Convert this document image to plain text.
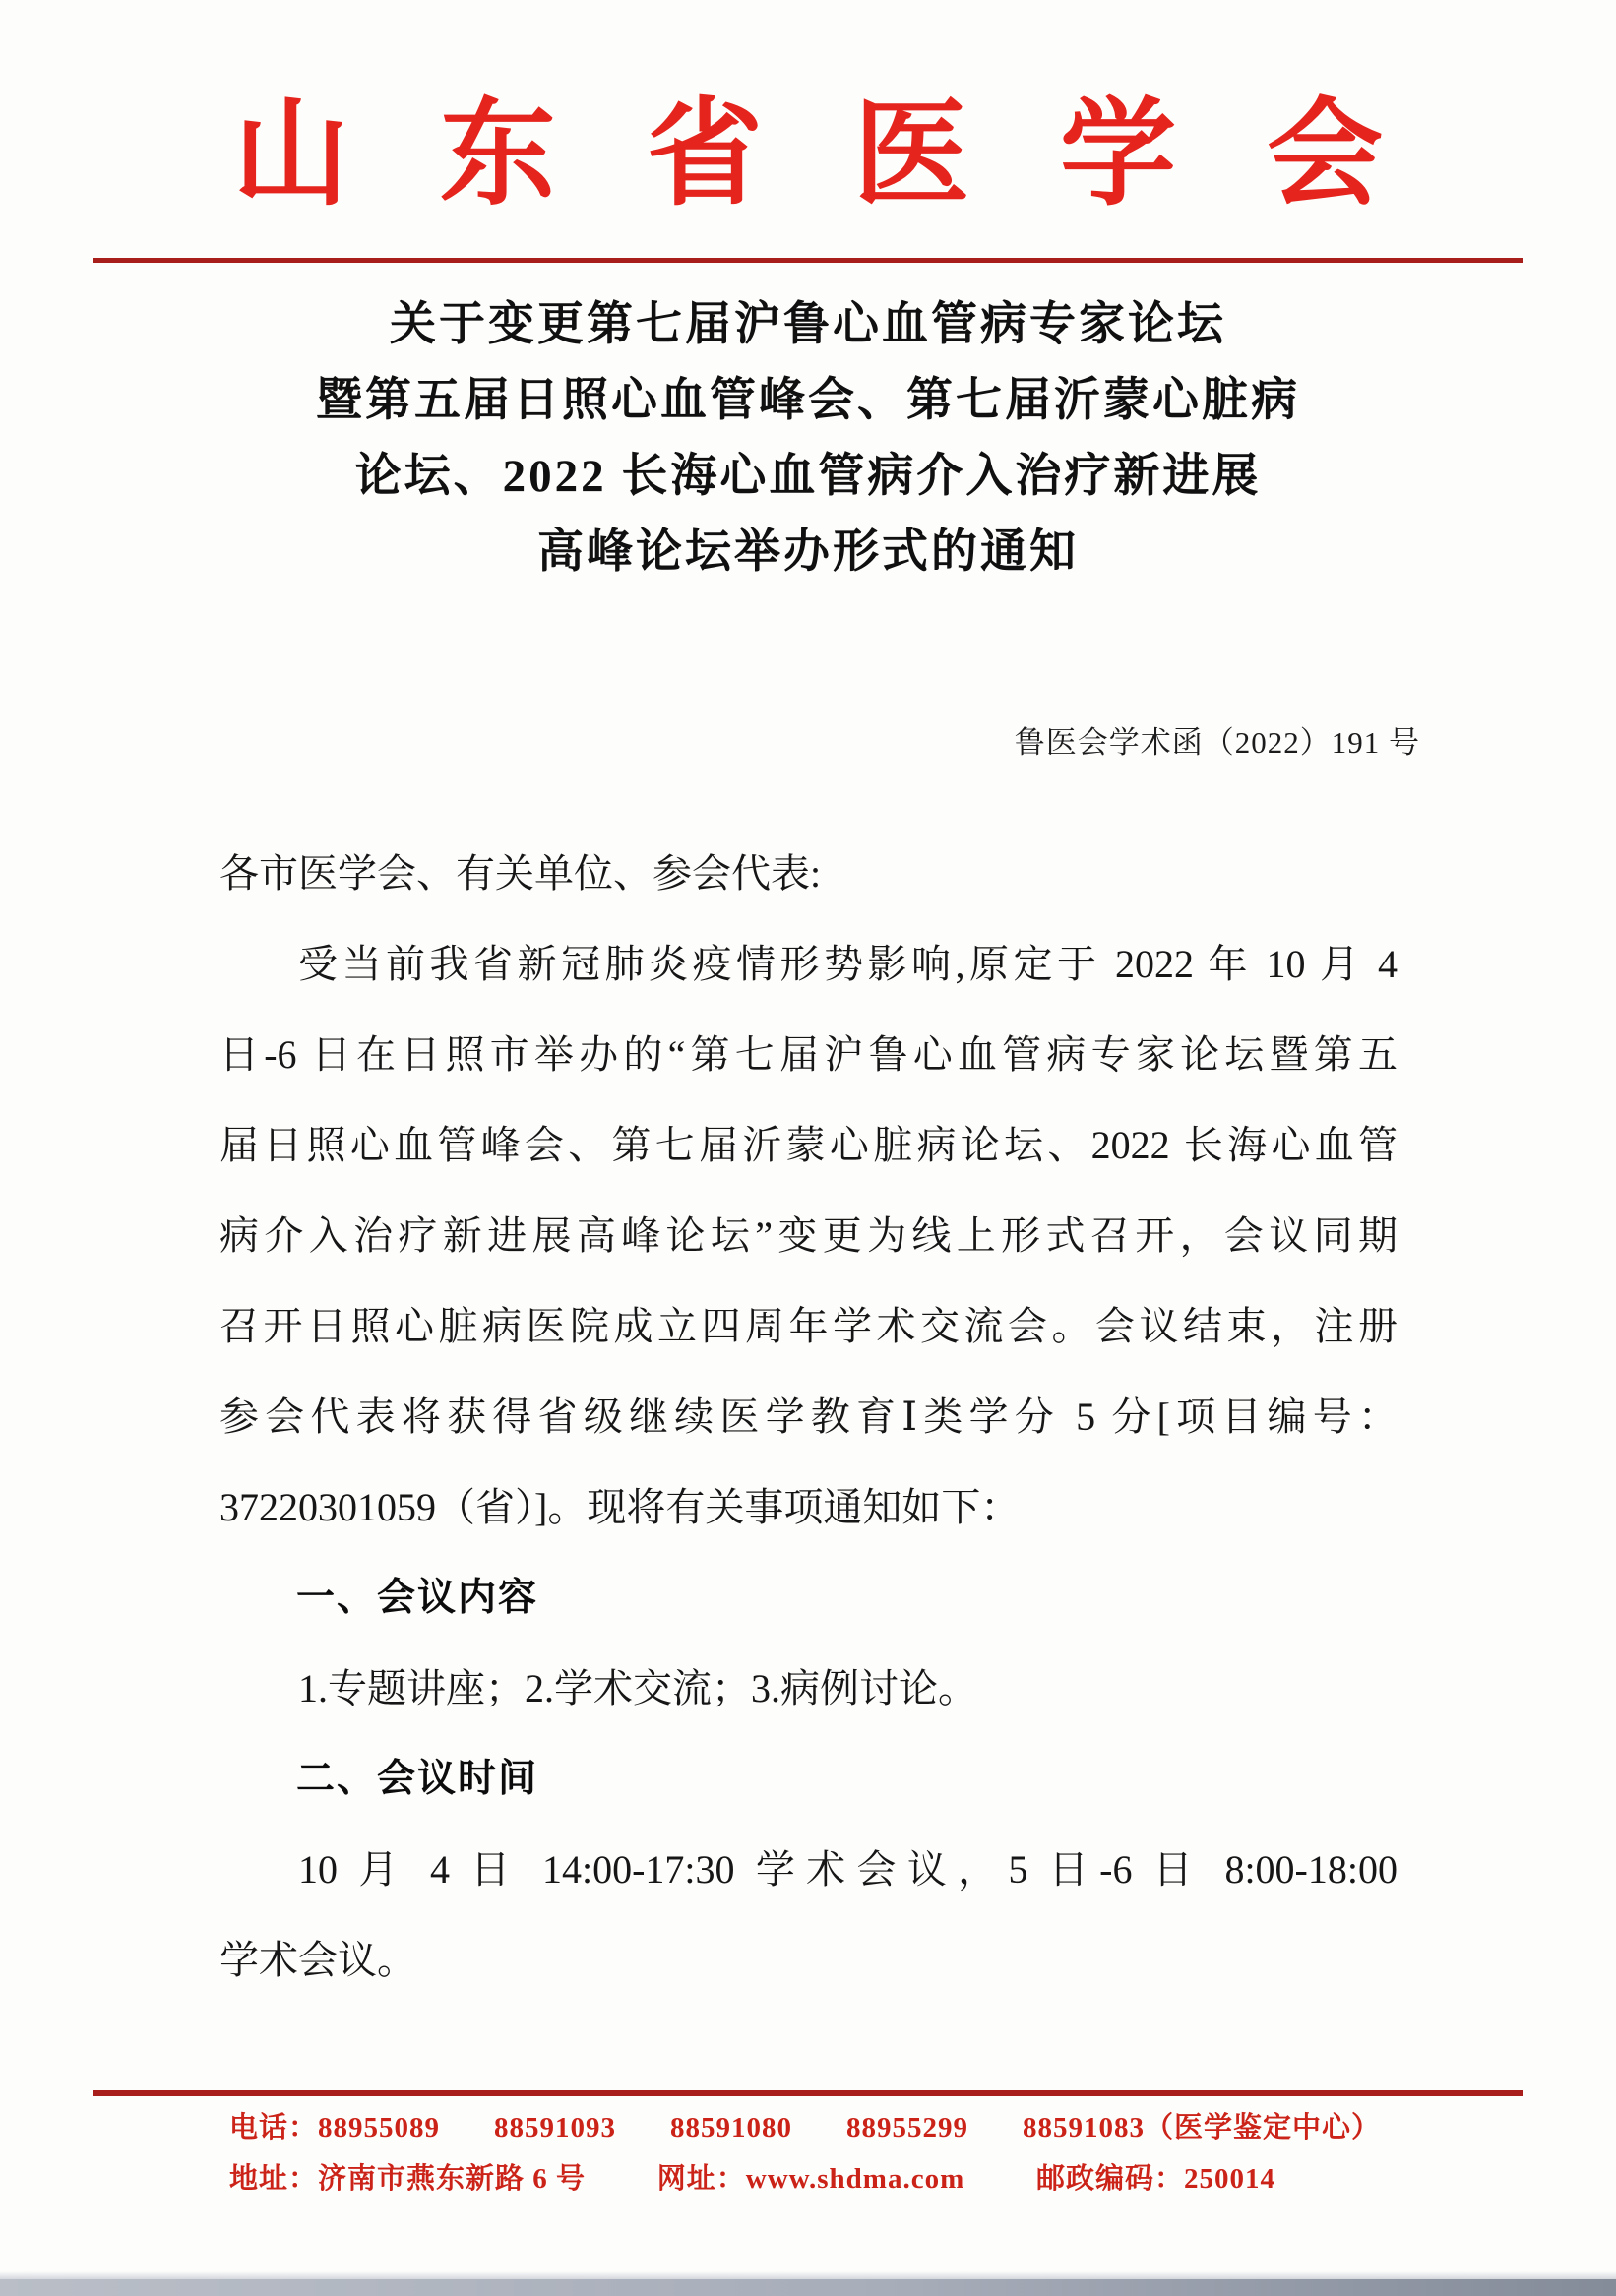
山东省医学会
关于变更第七届沪鲁心血管病专家论坛
暨第五届日照心血管峰会、第七届沂蒙心脏病
论坛、2022 长海心血管病介入治疗新进展
高峰论坛举办形式的通知
鲁医会学术函（2022）191 号
各市医学会、有关单位、参会代表:
受当前我省新冠肺炎疫情形势影响,原定于 2022 年 10 月 4
日-6 日在日照市举办的“第七届沪鲁心血管病专家论坛暨第五
届日照心血管峰会、第七届沂蒙心脏病论坛、2022 长海心血管
病介入治疗新进展高峰论坛”变更为线上形式召开，会议同期
召开日照心脏病医院成立四周年学术交流会。会议结束，注册
参会代表将获得省级继续医学教育Ⅰ类学分 5 分[项目编号：
37220301059（省）]。现将有关事项通知如下：
一、会议内容
1.专题讲座；2.学术交流；3.病例讨论。
二、会议时间
10 月 4 日 14:00-17:30 学术会议，5 日-6 日 8:00-18:00
学术会议。
电话：88955089 88591093 88591080 88955299 88591083（医学鉴定中心）
地址：济南市燕东新路 6 号	网址：www.shdma.com	邮政编码：250014
